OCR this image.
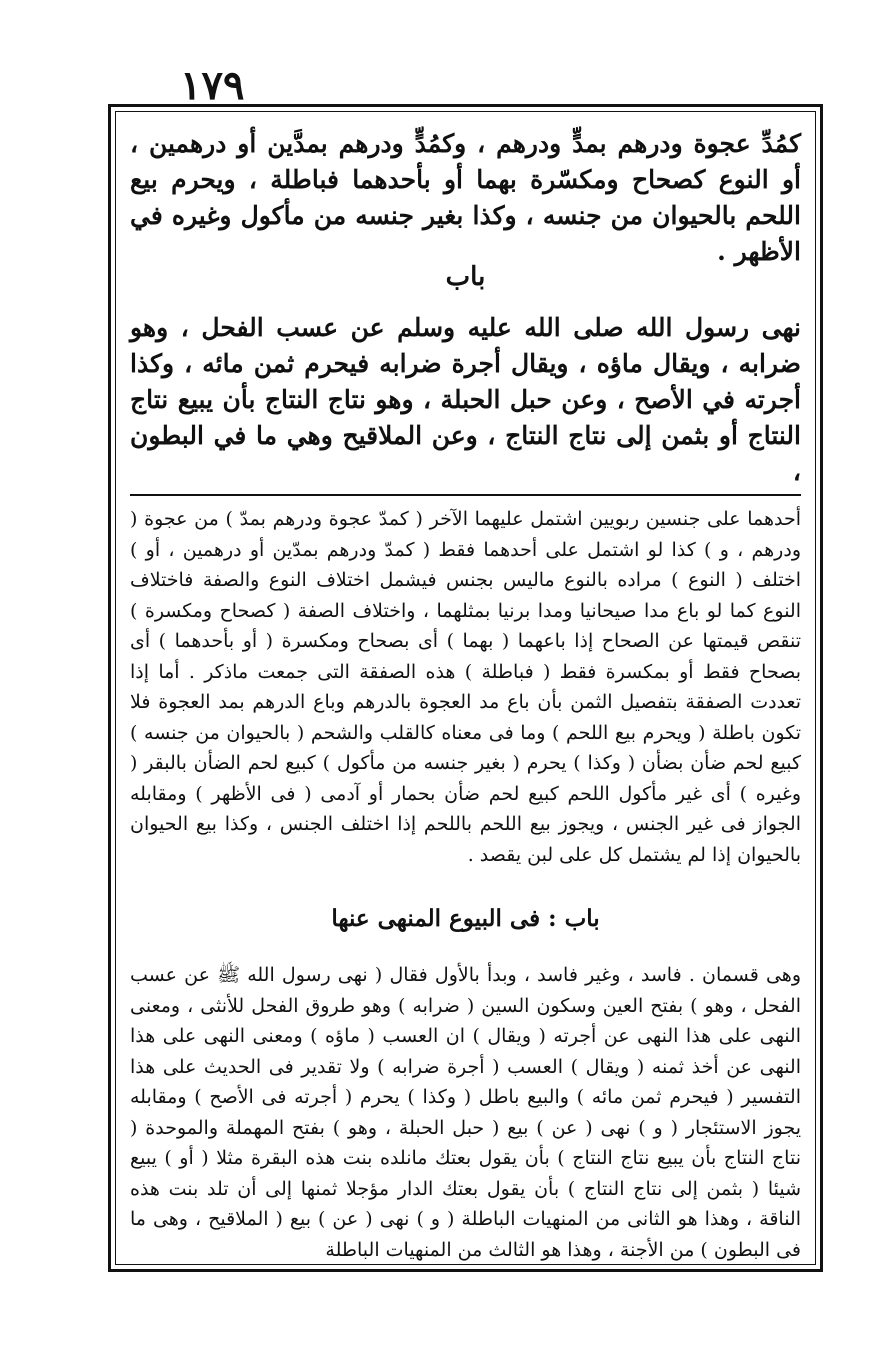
١٧٩

كمُدِّ عجوة ودرهم بمدٍّ ودرهم ، وكمُدٍّ ودرهم بمدَّين أو درهمين ، أو النوع كصحاح ومكسّرة بهما أو بأحدهما فباطلة ، ويحرم بيع اللحم بالحيوان من جنسه ، وكذا بغير جنسه من مأكول وغيره في الأظهر .

باب

نهى رسول الله صلى الله عليه وسلم عن عسب الفحل ، وهو ضرابه ، ويقال ماؤه ، ويقال أجرة ضرابه فيحرم ثمن مائه ، وكذا أجرته في الأصح ، وعن حبل الحبلة ، وهو نتاج النتاج بأن يبيع نتاج النتاج أو بثمن إلى نتاج النتاج ، وعن الملاقيح وهي ما في البطون ،

أحدهما على جنسين ربويين اشتمل عليهما الآخر ( كمدّ عجوة ودرهم بمدّ ) من عجوة ( ودرهم ، و ) كذا لو اشتمل على أحدهما فقط ( كمدّ ودرهم بمدّين أو درهمين ، أو ) اختلف ( النوع ) مراده بالنوع ماليس بجنس فيشمل اختلاف النوع والصفة فاختلاف النوع كما لو باع مدا صيحانيا ومدا برنيا بمثلهما ، واختلاف الصفة ( كصحاح ومكسرة ) تنقص قيمتها عن الصحاح إذا باعهما ( بهما ) أى بصحاح ومكسرة ( أو بأحدهما ) أى بصحاح فقط أو بمكسرة فقط ( فباطلة ) هذه الصفقة التى جمعت ماذكر . أما إذا تعددت الصفقة بتفصيل الثمن بأن باع مد العجوة بالدرهم وباع الدرهم بمد العجوة فلا تكون باطلة ( ويحرم بيع اللحم ) وما فى معناه كالقلب والشحم ( بالحيوان من جنسه ) كبيع لحم ضأن بضأن ( وكذا ) يحرم ( بغير جنسه من مأكول ) كبيع لحم الضأن بالبقر ( وغيره ) أى غير مأكول اللحم كبيع لحم ضأن بحمار أو آدمى ( فى الأظهر ) ومقابله الجواز فى غير الجنس ، ويجوز بيع اللحم باللحم إذا اختلف الجنس ، وكذا بيع الحيوان بالحيوان إذا لم يشتمل كل على لبن يقصد .

باب : فى البيوع المنهى عنها

وهى قسمان . فاسد ، وغير فاسد ، وبدأ بالأول فقال ( نهى رسول الله ﷺ عن عسب الفحل ، وهو ) بفتح العين وسكون السين ( ضرابه ) وهو طروق الفحل للأنثى ، ومعنى النهى على هذا النهى عن أجرته ( ويقال ) ان العسب ( ماؤه ) ومعنى النهى على هذا النهى عن أخذ ثمنه ( ويقال ) العسب ( أجرة ضرابه ) ولا تقدير فى الحديث على هذا التفسير ( فيحرم ثمن مائه ) والبيع باطل ( وكذا ) يحرم ( أجرته فى الأصح ) ومقابله يجوز الاستئجار ( و ) نهى ( عن ) بيع ( حبل الحبلة ، وهو ) بفتح المهملة والموحدة ( نتاج النتاج بأن يبيع نتاج النتاج ) بأن يقول بعتك مانلده بنت هذه البقرة مثلا ( أو ) يبيع شيئا ( بثمن إلى نتاج النتاج ) بأن يقول بعتك الدار مؤجلا ثمنها إلى أن تلد بنت هذه الناقة ، وهذا هو الثانى من المنهيات الباطلة ( و ) نهى ( عن ) بيع ( الملاقيح ، وهى ما فى البطون ) من الأجنة ، وهذا هو الثالث من المنهيات الباطلة
